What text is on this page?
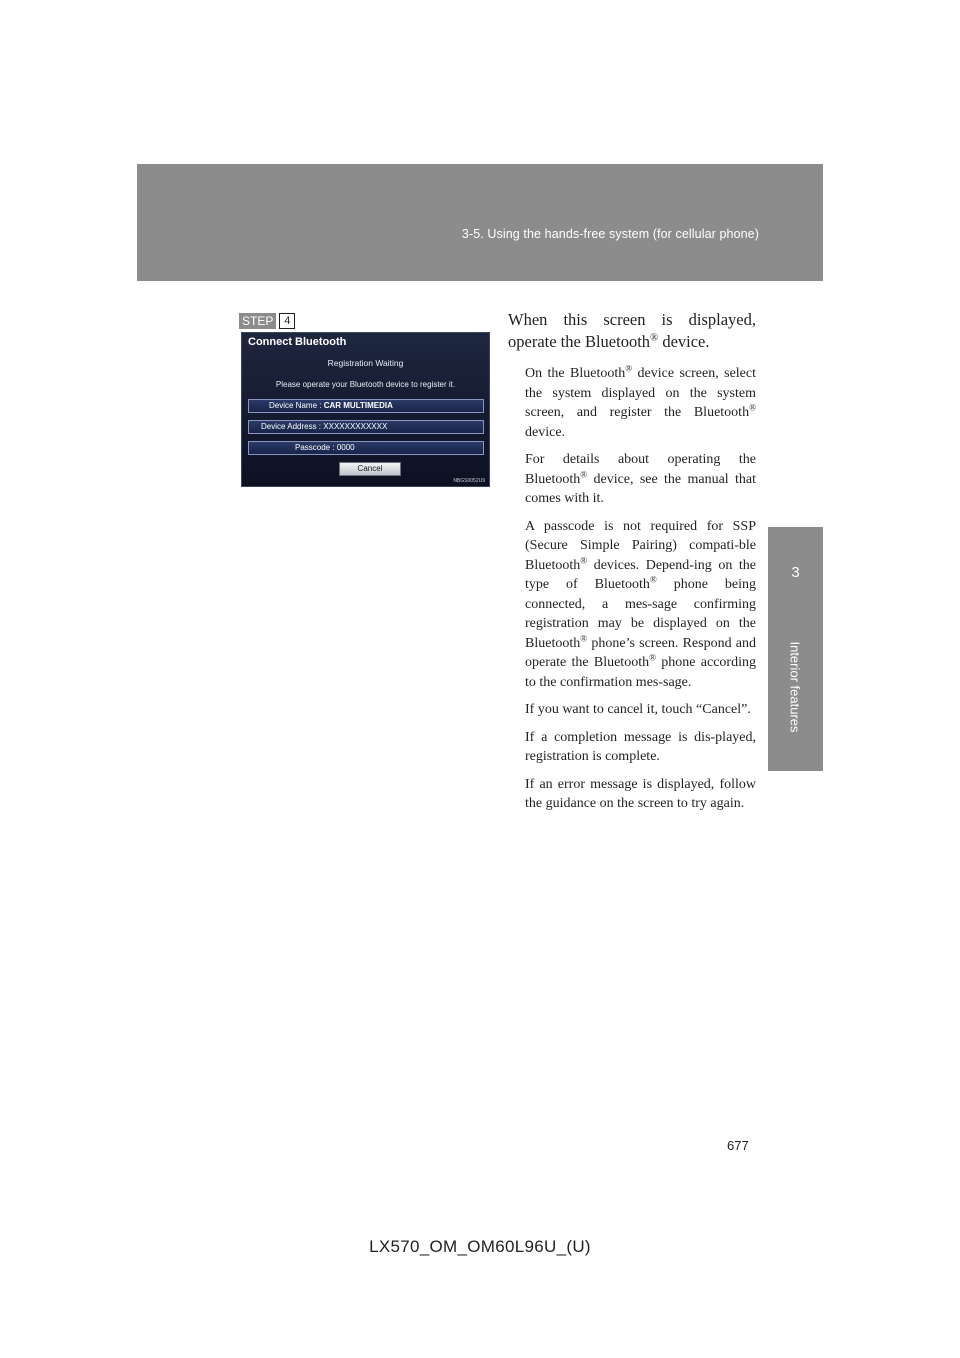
3-5. Using the hands-free system (for cellular phone)
3
Interior features
STEP 4
Connect Bluetooth
Registration Waiting
Please operate your Bluetooth device to register it.
Device Name : CAR MULTIMEDIA
Device Address : XXXXXXXXXXXX
Passcode : 0000
Cancel
NBGS0052U9
When this screen is displayed, operate the Bluetooth® device.

On the Bluetooth® device screen, select the system displayed on the system screen, and register the Bluetooth® device.

For details about operating the Bluetooth® device, see the manual that comes with it.

A passcode is not required for SSP (Secure Simple Pairing) compati-ble Bluetooth® devices. Depend-ing on the type of Bluetooth® phone being connected, a mes-sage confirming registration may be displayed on the Bluetooth® phone’s screen. Respond and operate the Bluetooth® phone according to the confirmation mes-sage.

If you want to cancel it, touch “Cancel”.

If a completion message is dis-played, registration is complete.

If an error message is displayed, follow the guidance on the screen to try again.

677
LX570_OM_OM60L96U_(U)
